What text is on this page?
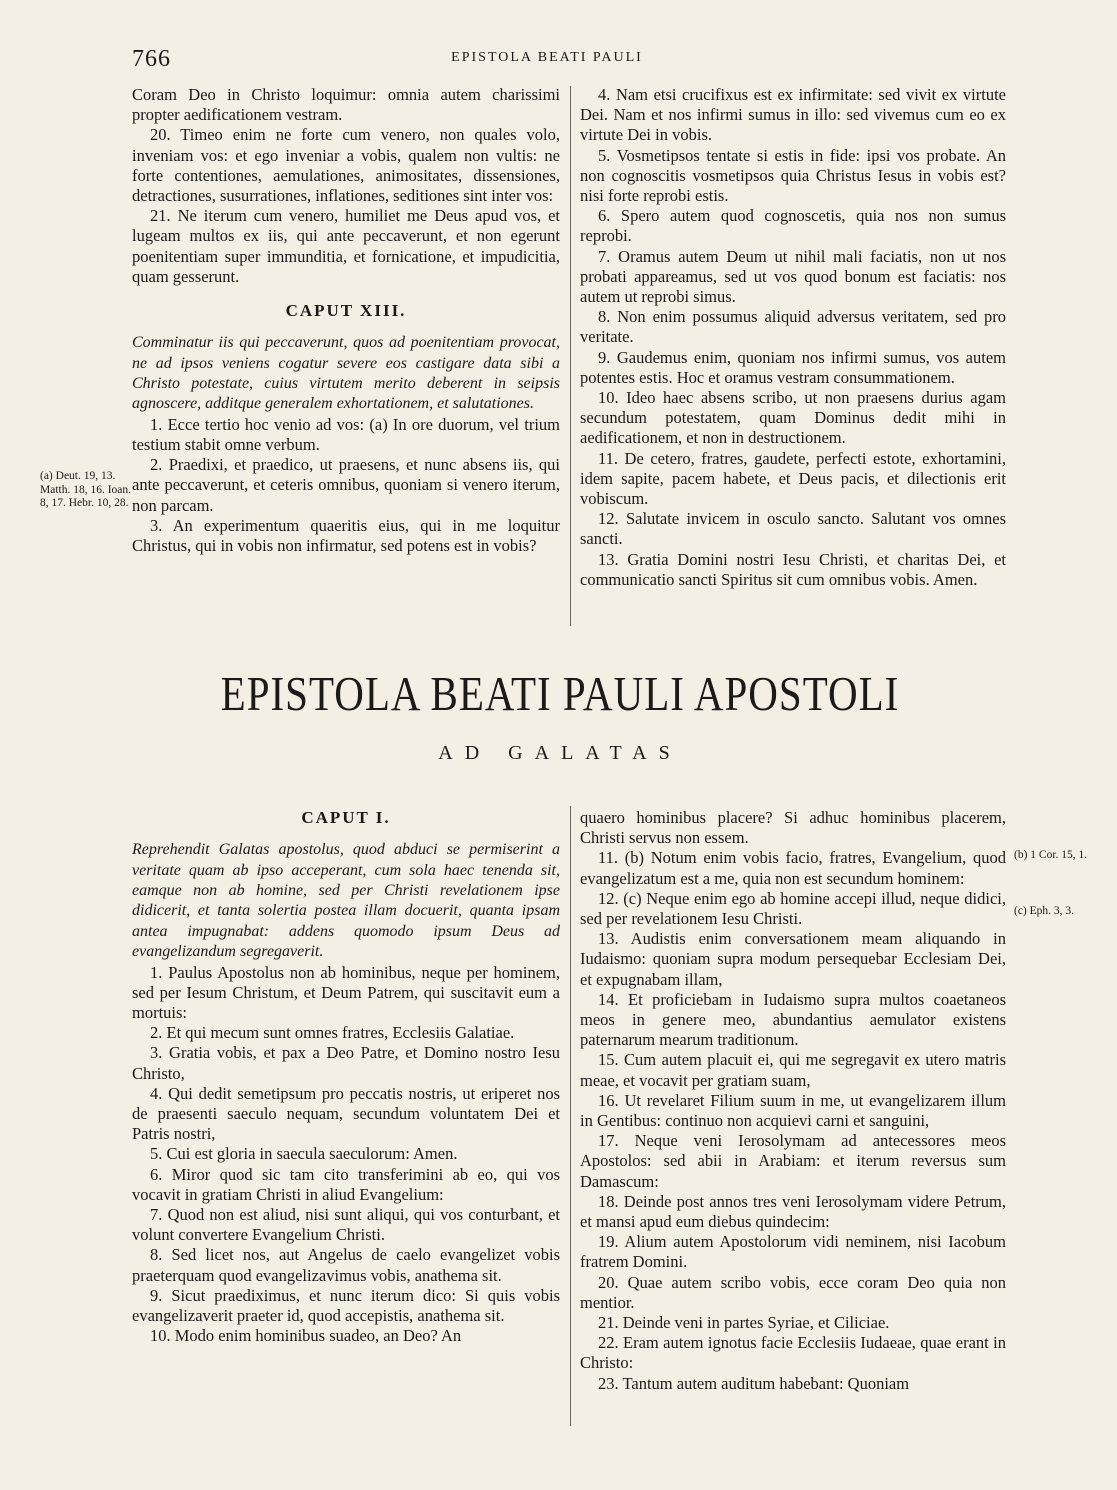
766	EPISTOLA BEATI PAULI

Coram Deo in Christo loquimur: omnia autem charissimi propter aedificationem vestram.

20. Timeo enim ne forte cum venero, non quales volo, inveniam vos: et ego inveniar a vobis, qualem non vultis: ne forte contentiones, aemulationes, animositates, dissensiones, detractiones, susurrationes, inflationes, seditiones sint inter vos:

21. Ne iterum cum venero, humiliet me Deus apud vos, et lugeam multos ex iis, qui ante peccaverunt, et non egerunt poenitentiam super immunditia, et fornicatione, et impudicitia, quam gesserunt.

CAPUT XIII.

Comminatur iis qui peccaverunt, quos ad poenitentiam provocat, ne ad ipsos veniens cogatur severe eos castigare data sibi a Christo potestate, cuius virtutem merito deberent in seipsis agnoscere, additque generalem exhortationem, et salutationes.

1. Ecce tertio hoc venio ad vos: (a) In ore duorum, vel trium testium stabit omne verbum.

2. Praedixi, et praedico, ut praesens, et nunc absens iis, qui ante peccaverunt, et ceteris omnibus, quoniam si venero iterum, non parcam.

3. An experimentum quaeritis eius, qui in me loquitur Christus, qui in vobis non infirmatur, sed potens est in vobis?

4. Nam etsi crucifixus est ex infirmitate: sed vivit ex virtute Dei. Nam et nos infirmi sumus in illo: sed vivemus cum eo ex virtute Dei in vobis.

5. Vosmetipsos tentate si estis in fide: ipsi vos probate. An non cognoscitis vosmetipsos quia Christus Iesus in vobis est? nisi forte reprobi estis.

6. Spero autem quod cognoscetis, quia nos non sumus reprobi.

7. Oramus autem Deum ut nihil mali faciatis, non ut nos probati appareamus, sed ut vos quod bonum est faciatis: nos autem ut reprobi simus.

8. Non enim possumus aliquid adversus veritatem, sed pro veritate.

9. Gaudemus enim, quoniam nos infirmi sumus, vos autem potentes estis. Hoc et oramus vestram consummationem.

10. Ideo haec absens scribo, ut non praesens durius agam secundum potestatem, quam Dominus dedit mihi in aedificationem, et non in destructionem.

11. De cetero, fratres, gaudete, perfecti estote, exhortamini, idem sapite, pacem habete, et Deus pacis, et dilectionis erit vobiscum.

12. Salutate invicem in osculo sancto. Salutant vos omnes sancti.

13. Gratia Domini nostri Iesu Christi, et charitas Dei, et communicatio sancti Spiritus sit cum omnibus vobis. Amen.

EPISTOLA BEATI PAULI APOSTOLI
AD GALATAS
CAPUT I.

Reprehendit Galatas apostolus, quod abduci se permiserint a veritate quam ab ipso acceperant, cum sola haec tenenda sit, eamque non ab homine, sed per Christi revelationem ipse didicerit, et tanta solertia postea illam docuerit, quanta ipsam antea impugnabat: addens quomodo ipsum Deus ad evangelizandum segregaverit.

1. Paulus Apostolus non ab hominibus, neque per hominem, sed per Iesum Christum, et Deum Patrem, qui suscitavit eum a mortuis:

2. Et qui mecum sunt omnes fratres, Ecclesiis Galatiae.

3. Gratia vobis, et pax a Deo Patre, et Domino nostro Iesu Christo,

4. Qui dedit semetipsum pro peccatis nostris, ut eriperet nos de praesenti saeculo nequam, secundum voluntatem Dei et Patris nostri,

5. Cui est gloria in saecula saeculorum: Amen.

6. Miror quod sic tam cito transferimini ab eo, qui vos vocavit in gratiam Christi in aliud Evangelium:

7. Quod non est aliud, nisi sunt aliqui, qui vos conturbant, et volunt convertere Evangelium Christi.

8. Sed licet nos, aut Angelus de caelo evangelizet vobis praeterquam quod evangelizavimus vobis, anathema sit.

9. Sicut praediximus, et nunc iterum dico: Si quis vobis evangelizaverit praeter id, quod accepistis, anathema sit.

10. Modo enim hominibus suadeo, an Deo? An

quaero hominibus placere? Si adhuc hominibus placerem, Christi servus non essem.

11. (b) Notum enim vobis facio, fratres, Evangelium, quod evangelizatum est a me, quia non est secundum hominem:

12. (c) Neque enim ego ab homine accepi illud, neque didici, sed per revelationem Iesu Christi.

13. Audistis enim conversationem meam aliquando in Iudaismo: quoniam supra modum persequebar Ecclesiam Dei, et expugnabam illam,

14. Et proficiebam in Iudaismo supra multos coaetaneos meos in genere meo, abundantius aemulator existens paternarum mearum traditionum.

15. Cum autem placuit ei, qui me segregavit ex utero matris meae, et vocavit per gratiam suam,

16. Ut revelaret Filium suum in me, ut evangelizarem illum in Gentibus: continuo non acquievi carni et sanguini,

17. Neque veni Ierosolymam ad antecessores meos Apostolos: sed abii in Arabiam: et iterum reversus sum Damascum:

18. Deinde post annos tres veni Ierosolymam videre Petrum, et mansi apud eum diebus quindecim:

19. Alium autem Apostolorum vidi neminem, nisi Iacobum fratrem Domini.

20. Quae autem scribo vobis, ecce coram Deo quia non mentior.

21. Deinde veni in partes Syriae, et Ciliciae.

22. Eram autem ignotus facie Ecclesiis Iudaeae, quae erant in Christo:

23. Tantum autem auditum habebant: Quoniam

(a) Deut. 19, 13. Matth. 18, 16. Ioan. 8, 17. Hebr. 10, 28.
(b) 1 Cor. 15, 1.
(c) Eph. 3, 3.
